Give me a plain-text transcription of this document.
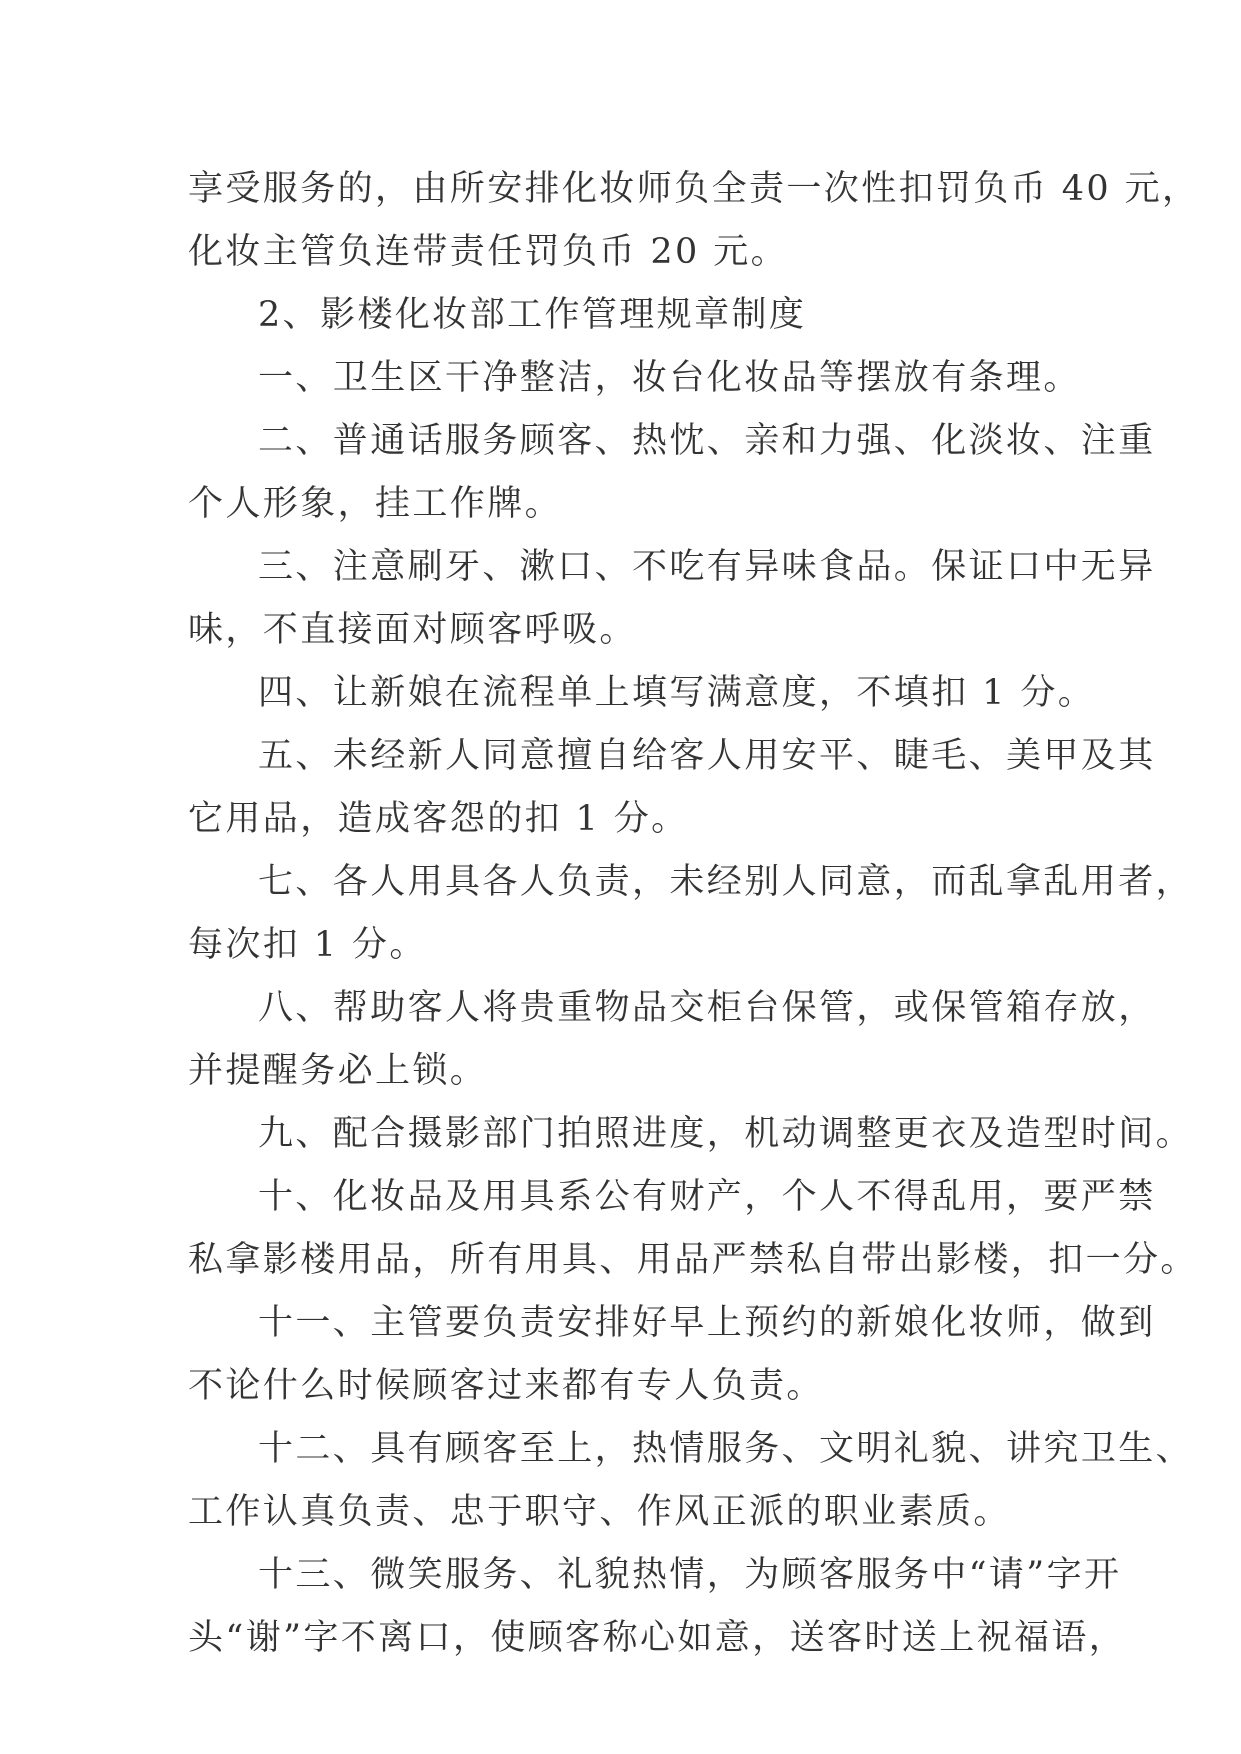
享受服务的，由所安排化妆师负全责一次性扣罚负币 40 元，
化妆主管负连带责任罚负币 20 元。
2、影楼化妆部工作管理规章制度
一、卫生区干净整洁，妆台化妆品等摆放有条理。
二、普通话服务顾客、热忱、亲和力强、化淡妆、注重
个人形象，挂工作牌。
三、注意刷牙、漱口、不吃有异味食品。保证口中无异
味，不直接面对顾客呼吸。
四、让新娘在流程单上填写满意度，不填扣 1 分。
五、未经新人同意擅自给客人用安平、睫毛、美甲及其
它用品，造成客怨的扣 1 分。
七、各人用具各人负责，未经别人同意，而乱拿乱用者，
每次扣 1 分。
八、帮助客人将贵重物品交柜台保管，或保管箱存放，
并提醒务必上锁。
九、配合摄影部门拍照进度，机动调整更衣及造型时间。
十、化妆品及用具系公有财产，个人不得乱用，要严禁
私拿影楼用品，所有用具、用品严禁私自带出影楼，扣一分。
十一、主管要负责安排好早上预约的新娘化妆师，做到
不论什么时候顾客过来都有专人负责。
十二、具有顾客至上，热情服务、文明礼貌、讲究卫生、
工作认真负责、忠于职守、作风正派的职业素质。
十三、微笑服务、礼貌热情，为顾客服务中“请”字开
头“谢”字不离口，使顾客称心如意，送客时送上祝福语，
